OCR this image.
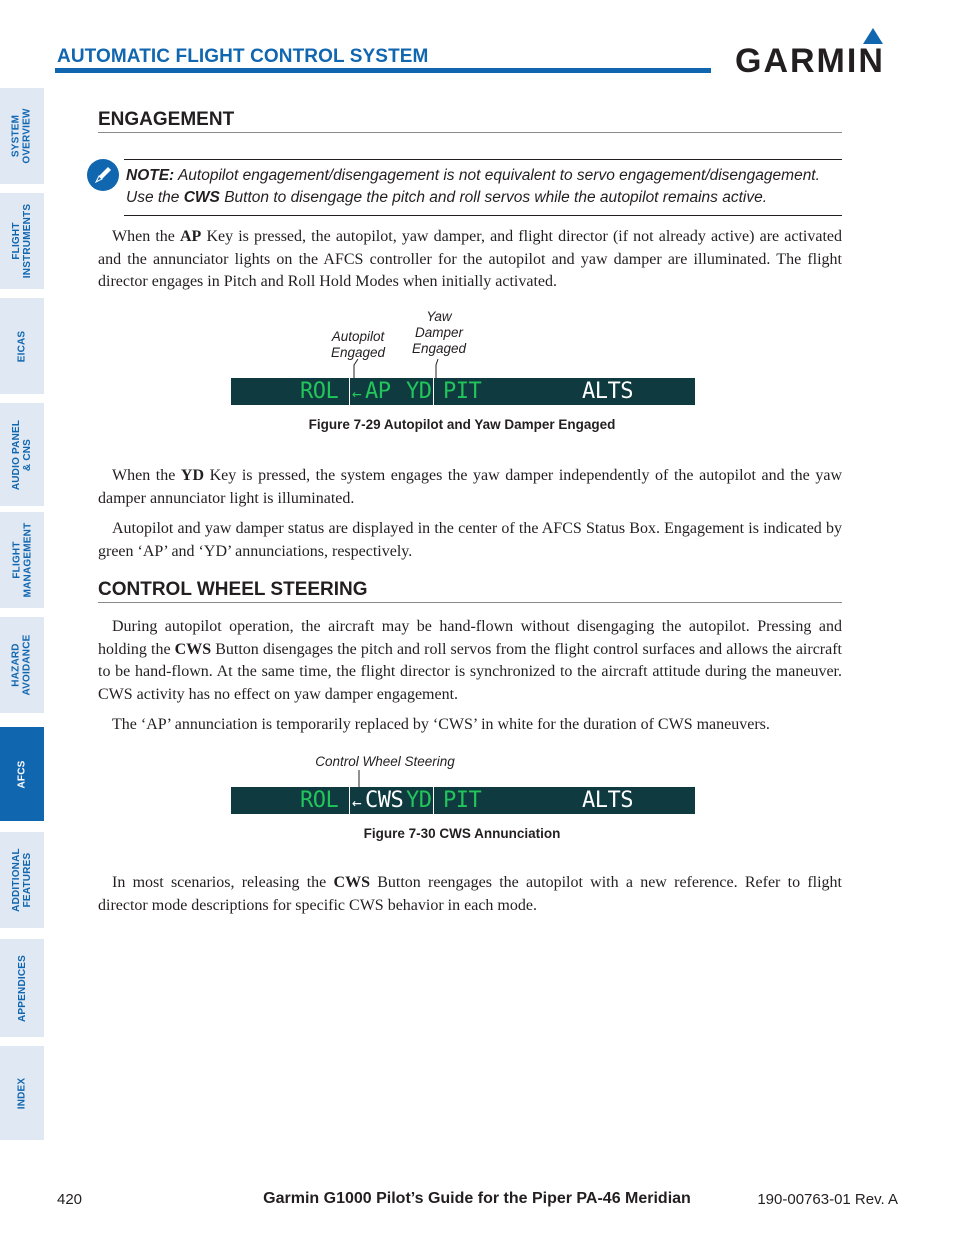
SYSTEM
OVERVIEW
FLIGHT
INSTRUMENTS
EICAS
AUDIO PANEL
& CNS
FLIGHT
MANAGEMENT
HAZARD
AVOIDANCE
AFCS
ADDITIONAL
FEATURES
APPENDICES
INDEX
AUTOMATIC FLIGHT CONTROL SYSTEM	GARMIN
ENGAGEMENT
NOTE: Autopilot engagement/disengagement is not equivalent to servo engagement/disengagement. Use the CWS Button to disengage the pitch and roll servos while the autopilot remains active.

When the AP Key is pressed, the autopilot, yaw damper, and flight director (if not already active) are activated and the annunciator lights on the AFCS controller for the autopilot and yaw damper are illuminated. The flight director engages in Pitch and Roll Hold Modes when initially activated.

Autopilot
Engaged
Yaw
Damper
Engaged
ROL ← AP YD PIT	ALTS
Figure 7-29 Autopilot and Yaw Damper Engaged

When the YD Key is pressed, the system engages the yaw damper independently of the autopilot and the yaw damper annunciator light is illuminated.

Autopilot and yaw damper status are displayed in the center of the AFCS Status Box. Engagement is indicated by green ‘AP’ and ‘YD’ annunciations, respectively.

CONTROL WHEEL STEERING

During autopilot operation, the aircraft may be hand-flown without disengaging the autopilot. Pressing and holding the CWS Button disengages the pitch and roll servos from the flight control surfaces and allows the aircraft to be hand-flown. At the same time, the flight director is synchronized to the aircraft attitude during the maneuver. CWS activity has no effect on yaw damper engagement.

The ‘AP’ annunciation is temporarily replaced by ‘CWS’ in white for the duration of CWS maneuvers.

Control Wheel Steering
ROL ← CWS YD PIT	ALTS
Figure 7-30 CWS Annunciation

In most scenarios, releasing the CWS Button reengages the autopilot with a new reference. Refer to flight director mode descriptions for specific CWS behavior in each mode.

420	Garmin G1000 Pilot’s Guide for the Piper PA-46 Meridian	190-00763-01 Rev. A
